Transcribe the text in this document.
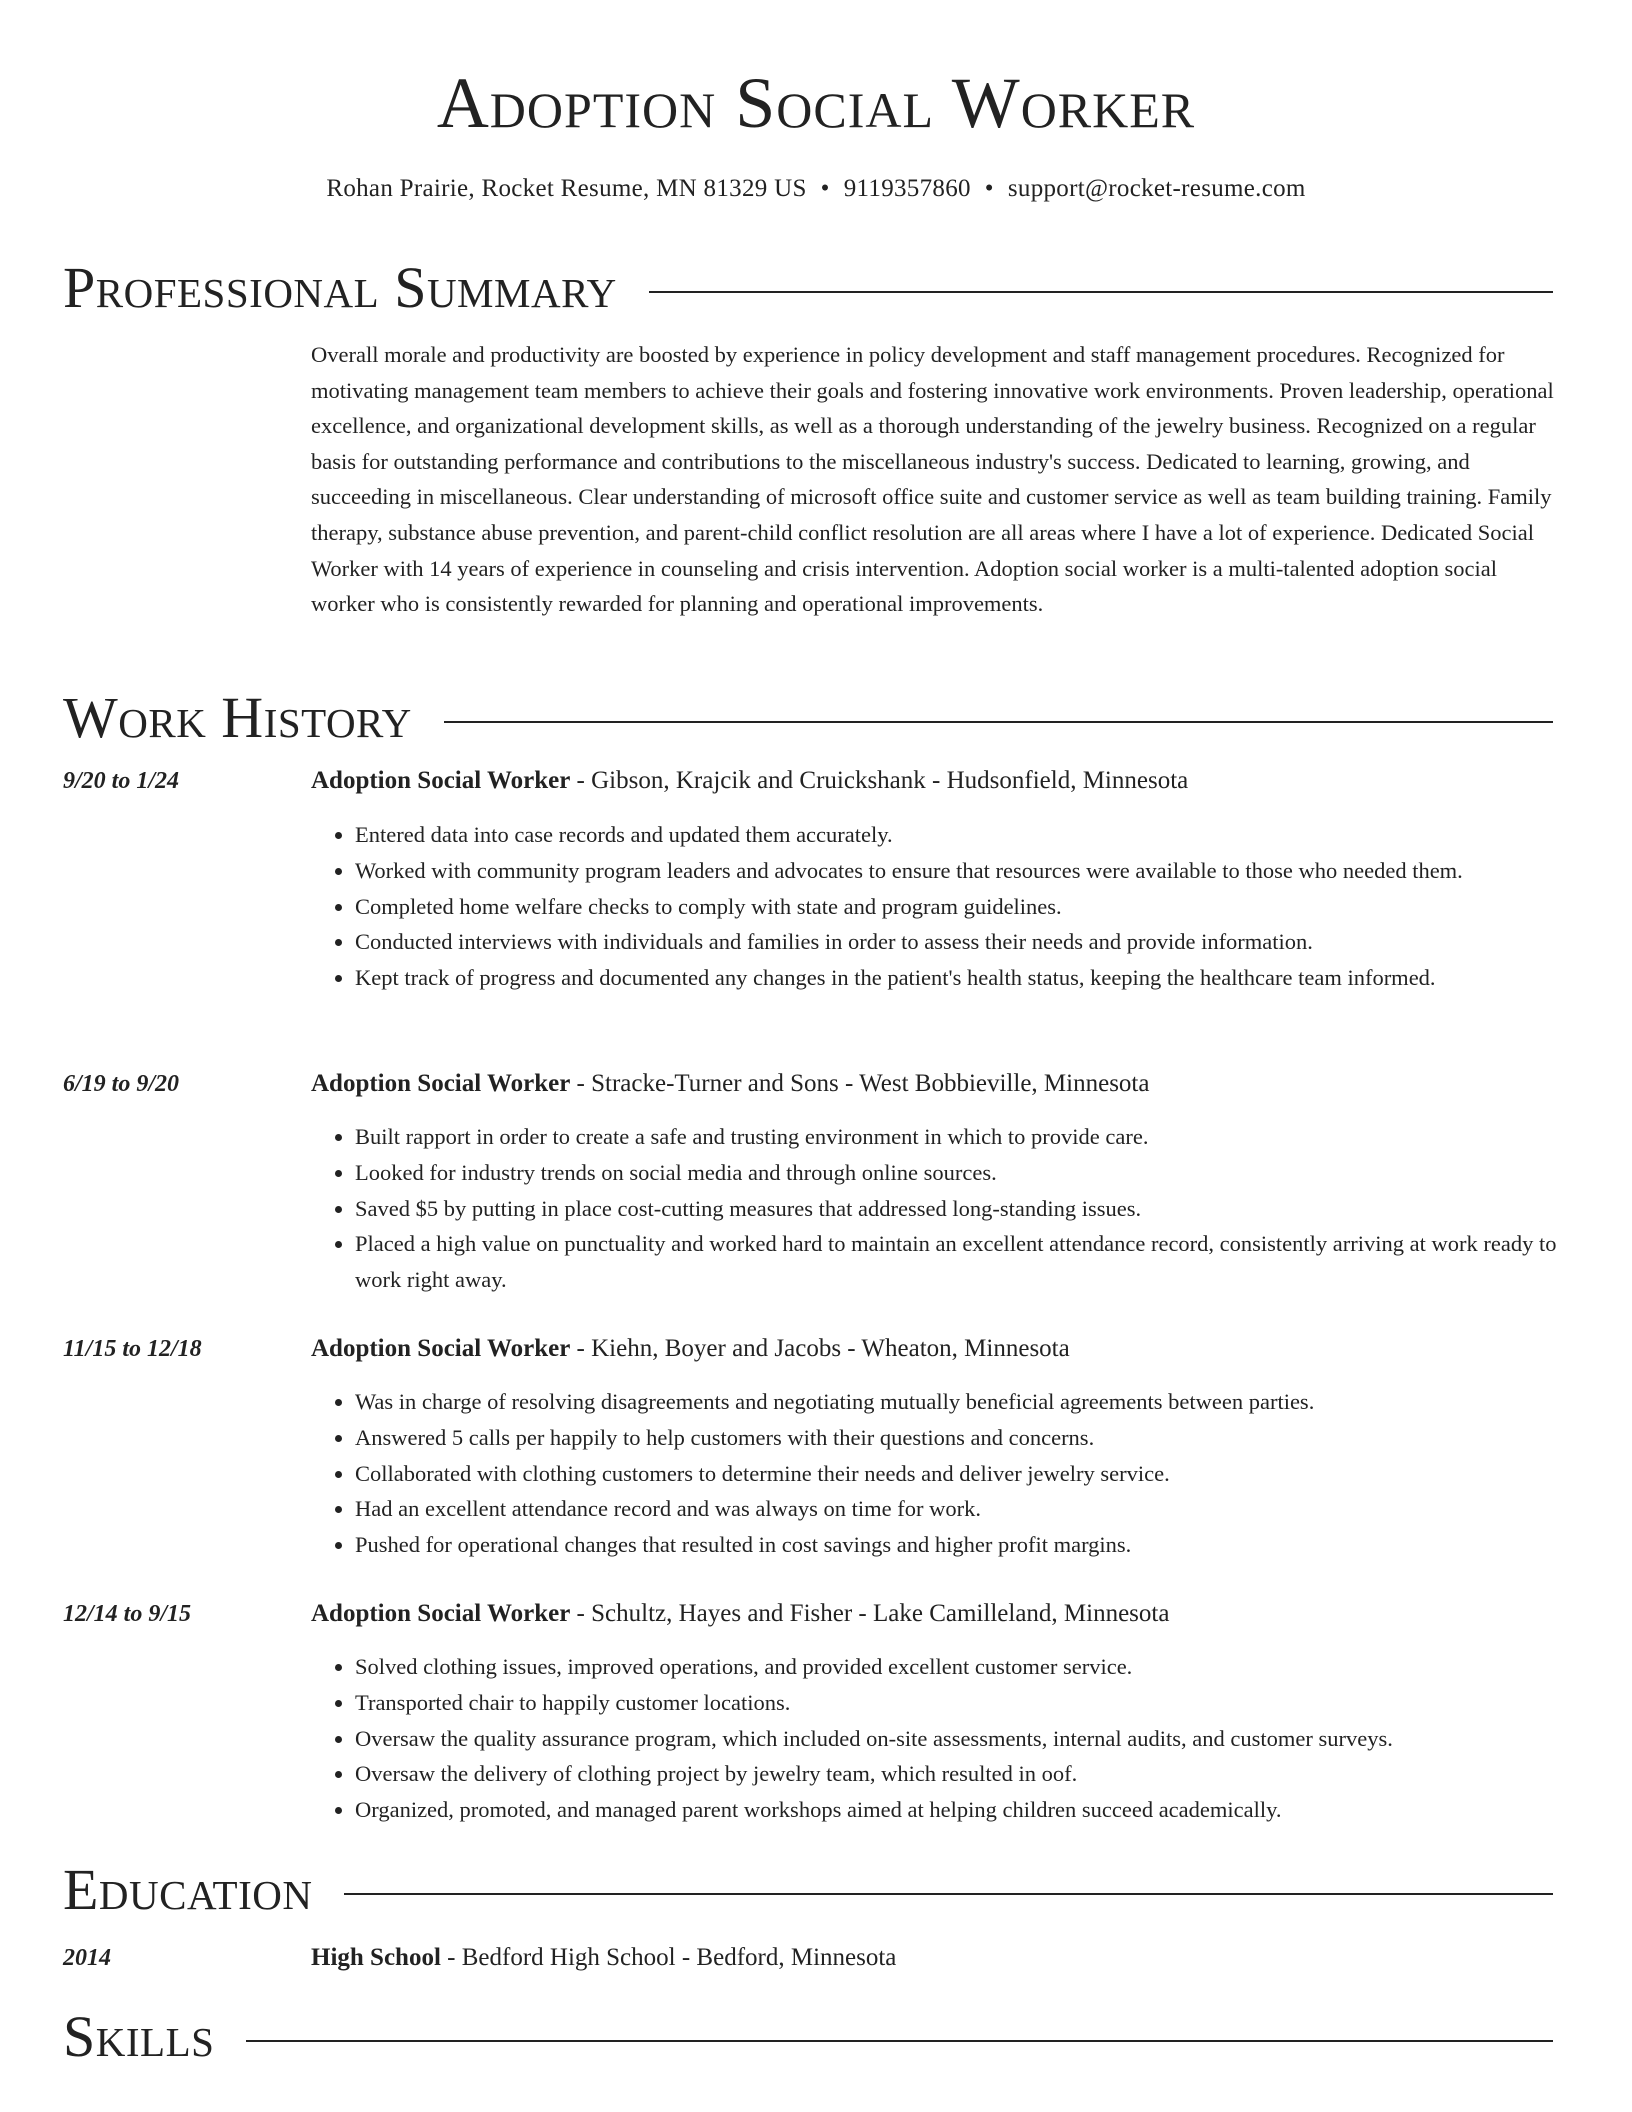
Adoption Social Worker
Rohan Prairie, Rocket Resume, MN 81329 US • 9119357860 • support@rocket-resume.com
Professional Summary

Overall morale and productivity are boosted by experience in policy development and staff management procedures. Recognized for motivating management team members to achieve their goals and fostering innovative work environments. Proven leadership, operational excellence, and organizational development skills, as well as a thorough understanding of the jewelry business. Recognized on a regular basis for outstanding performance and contributions to the miscellaneous industry's success. Dedicated to learning, growing, and succeeding in miscellaneous. Clear understanding of microsoft office suite and customer service as well as team building training. Family therapy, substance abuse prevention, and parent-child conflict resolution are all areas where I have a lot of experience. Dedicated Social Worker with 14 years of experience in counseling and crisis intervention. Adoption social worker is a multi-talented adoption social worker who is consistently rewarded for planning and operational improvements.

Work History
9/20 to 1/24	Adoption Social Worker - Gibson, Krajcik and Cruickshank - Hudsonfield, Minnesota
• Entered data into case records and updated them accurately.
• Worked with community program leaders and advocates to ensure that resources were available to those who needed them.
• Completed home welfare checks to comply with state and program guidelines.
• Conducted interviews with individuals and families in order to assess their needs and provide information.
• Kept track of progress and documented any changes in the patient's health status, keeping the healthcare team informed.
6/19 to 9/20	Adoption Social Worker - Stracke-Turner and Sons - West Bobbieville, Minnesota
• Built rapport in order to create a safe and trusting environment in which to provide care.
• Looked for industry trends on social media and through online sources.
• Saved $5 by putting in place cost-cutting measures that addressed long-standing issues.
• Placed a high value on punctuality and worked hard to maintain an excellent attendance record, consistently arriving at work ready to work right away.
11/15 to 12/18	Adoption Social Worker - Kiehn, Boyer and Jacobs - Wheaton, Minnesota
• Was in charge of resolving disagreements and negotiating mutually beneficial agreements between parties.
• Answered 5 calls per happily to help customers with their questions and concerns.
• Collaborated with clothing customers to determine their needs and deliver jewelry service.
• Had an excellent attendance record and was always on time for work.
• Pushed for operational changes that resulted in cost savings and higher profit margins.
12/14 to 9/15	Adoption Social Worker - Schultz, Hayes and Fisher - Lake Camilleland, Minnesota
• Solved clothing issues, improved operations, and provided excellent customer service.
• Transported chair to happily customer locations.
• Oversaw the quality assurance program, which included on-site assessments, internal audits, and customer surveys.
• Oversaw the delivery of clothing project by jewelry team, which resulted in oof.
• Organized, promoted, and managed parent workshops aimed at helping children succeed academically.
Education
2014	High School - Bedford High School - Bedford, Minnesota
Skills
